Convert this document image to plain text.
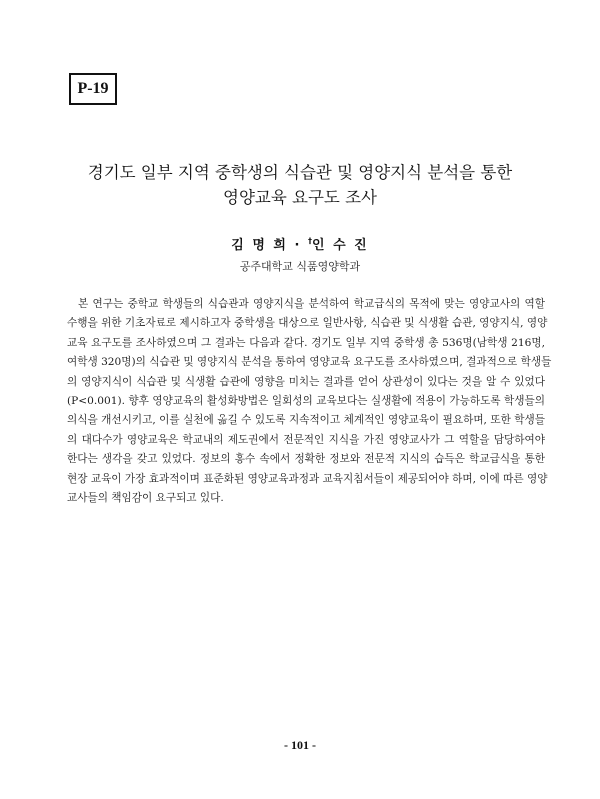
P-19
경기도 일부 지역 중학생의 식습관 및 영양지식 분석을 통한
영양교육 요구도 조사
김 명 희 · †인 수 진
공주대학교 식품영양학과
본 연구는 중학교 학생들의 식습관과 영양지식을 분석하여 학교급식의 목적에 맞는 영양교사의 역할
수행을 위한 기초자료로 제시하고자 중학생을 대상으로 일반사항, 식습관 및 식생활 습관, 영양지식, 영양
교육 요구도를 조사하였으며 그 결과는 다음과 같다. 경기도 일부 지역 중학생 총 536명(남학생 216명,
여학생 320명)의 식습관 및 영양지식 분석을 통하여 영양교육 요구도를 조사하였으며, 결과적으로 학생들
의 영양지식이 식습관 및 식생활 습관에 영향을 미치는 결과를 얻어 상관성이 있다는 것을 알 수 있었다
(P<0.001). 향후 영양교육의 활성화방법은 일회성의 교육보다는 실생활에 적용이 가능하도록 학생들의
의식을 개선시키고, 이를 실천에 옮길 수 있도록 지속적이고 체계적인 영양교육이 필요하며, 또한 학생들
의 대다수가 영양교육은 학교내의 제도권에서 전문적인 지식을 가진 영양교사가 그 역할을 담당하여야
한다는 생각을 갖고 있었다. 정보의 홍수 속에서 정확한 정보와 전문적 지식의 습득은 학교급식을 통한
현장 교육이 가장 효과적이며 표준화된 영양교육과정과 교육지침서들이 제공되어야 하며, 이에 따른 영양
교사들의 책임감이 요구되고 있다.
- 101 -
